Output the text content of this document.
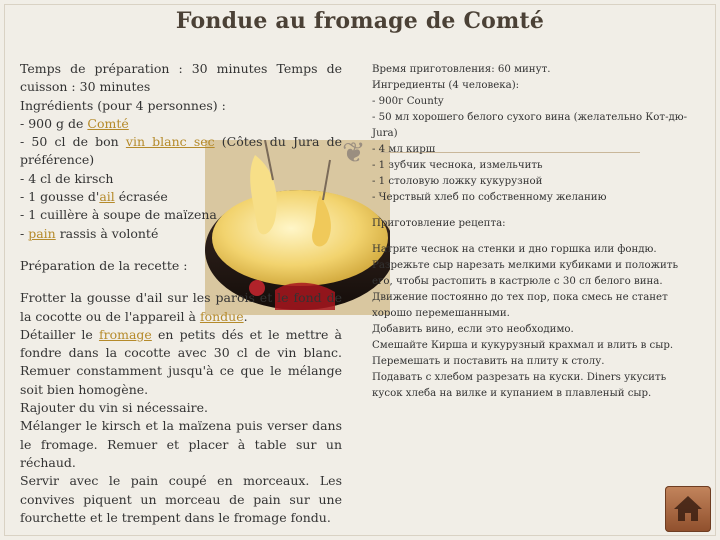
Fondue au fromage de Comté

Temps de préparation : 30 minutes Temps de cuisson : 30 minutes

Ingrédients (pour 4 personnes) :

- 900 g de Comté

- 50 cl de bon vin blanc sec (Côtes du Jura de préférence)

- 4 cl de kirsch

- 1 gousse d'ail écrasée

- 1 cuillère à soupe de maïzena

- pain rassis à volonté

Préparation de la recette :

Frotter la gousse d'ail sur les parois et le fond de la cocotte ou de l'appareil à fondue.

Détailler le fromage en petits dés et le mettre à fondre dans la cocotte avec 30 cl de vin blanc. Remuer constamment jusqu'à ce que le mélange soit bien homogène.

Rajouter du vin si nécessaire.

Mélanger le kirsch et la maïzena puis verser dans le fromage. Remuer et placer à table sur un réchaud.

Servir avec le pain coupé en morceaux. Les convives piquent un morceau de pain sur une fourchette et le trempent dans le fromage fondu.

❦

Время приготовления: 60 минут.

Ингредиенты (4 человека):

- 900г County

- 50 мл хорошего белого сухого вина (желательно Кот-дю-Jura)

- 4 мл кирш

- 1 зубчик чеснока, измельчить

- 1 столовую ложку кукурузной

- Черствый хлеб по собственному желанию

Приготовление рецепта:

Натрите чеснок на стенки и дно горшка или фондю.

Разрежьте сыр нарезать мелкими кубиками и положить его, чтобы растопить в кастрюле с 30 сл белого вина. Движение постоянно до тех пор, пока смесь не станет хорошо перемешанными.

Добавить вино, если это необходимо.

Смешайте Кирша и кукурузный крахмал и влить в сыр. Перемешать и поставить на плиту к столу.

Подавать с хлебом разрезать на куски. Diners укусить кусок хлеба на вилке и купанием в плавленый сыр.
